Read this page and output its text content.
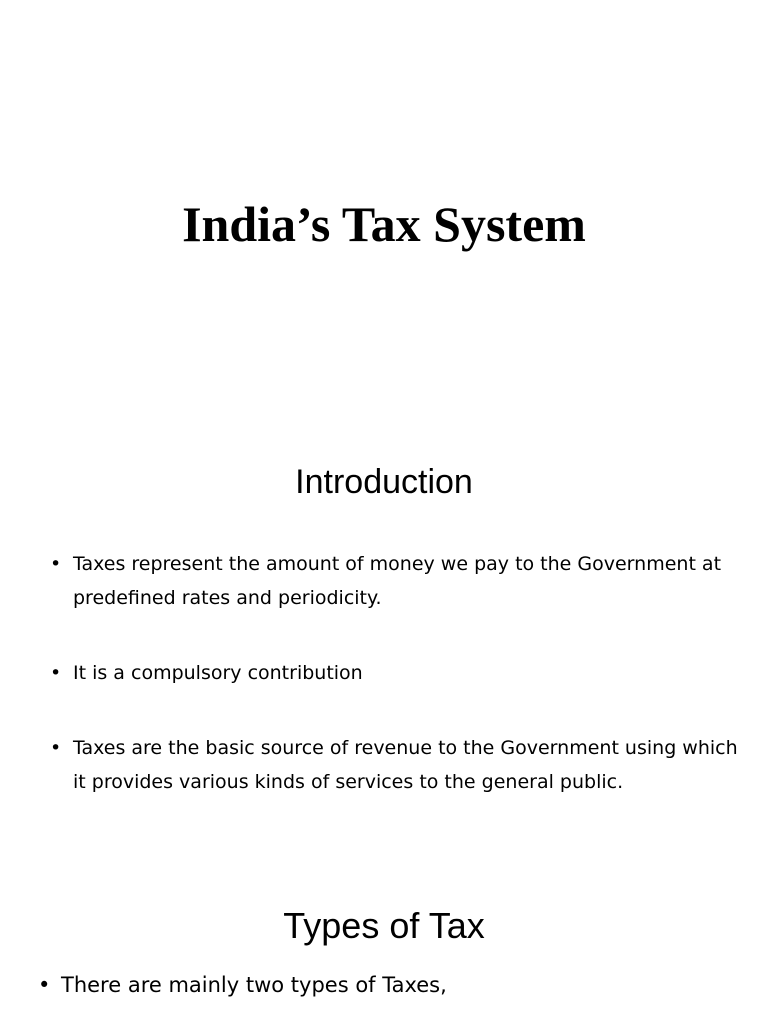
India’s Tax System
Introduction
• Taxes represent the amount of money we pay to the Government at predefined rates and periodicity.
• It is a compulsory contribution
• Taxes are the basic source of revenue to the Government using which it provides various kinds of services to the general public.
Types of Tax
• There are mainly two types of Taxes,
